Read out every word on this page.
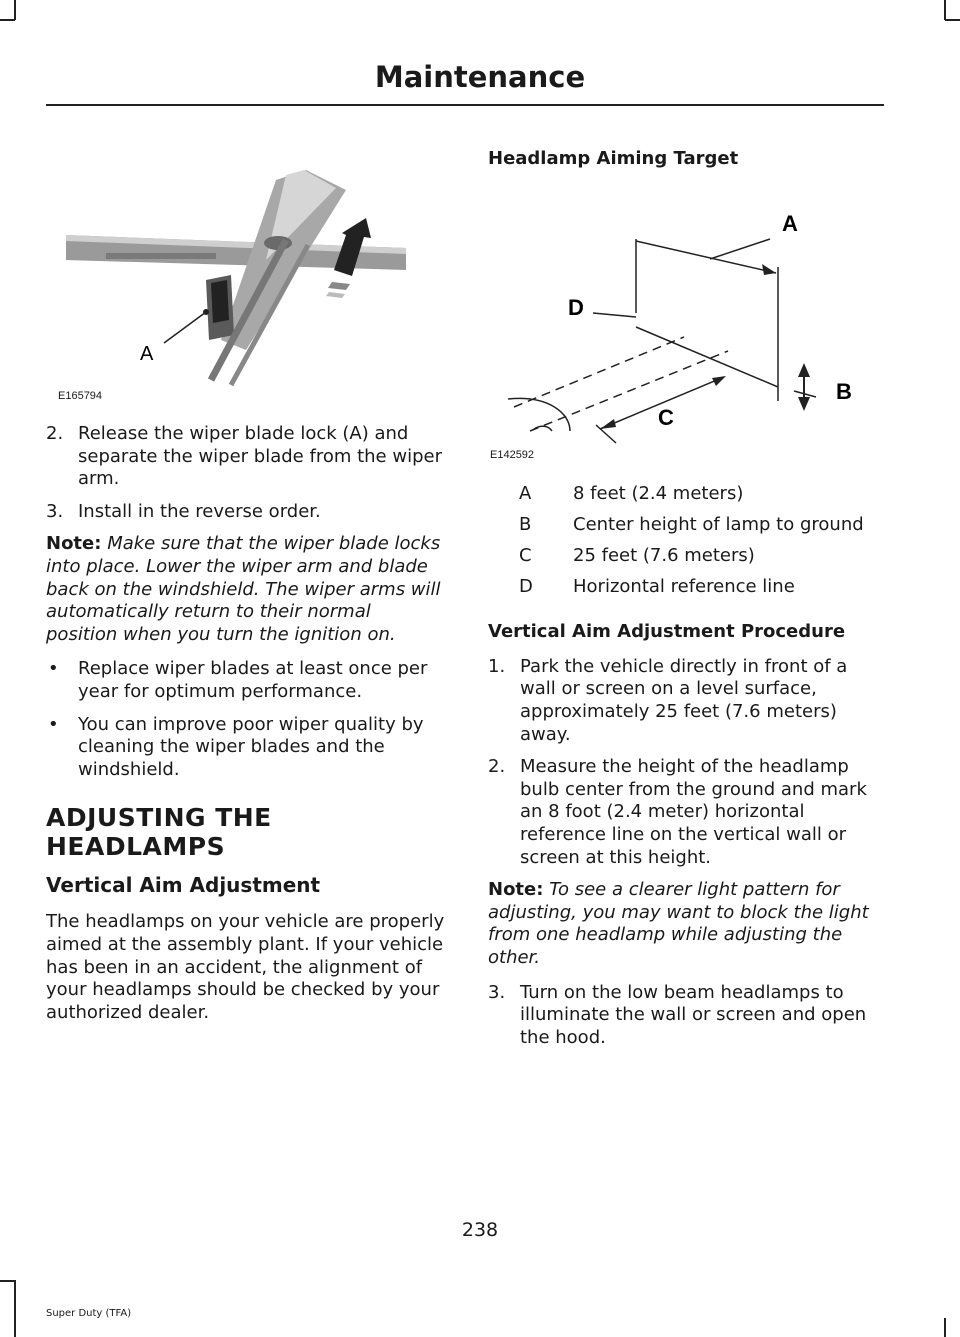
Maintenance
A
E165794
2. Release the wiper blade lock (A) and separate the wiper blade from the wiper arm.
3. Install in the reverse order.
Note: Make sure that the wiper blade locks into place. Lower the wiper arm and blade back on the windshield. The wiper arms will automatically return to their normal position when you turn the ignition on.
•	Replace wiper blades at least once per year for optimum performance.
•	You can improve poor wiper quality by cleaning the wiper blades and the windshield.
ADJUSTING THE HEADLAMPS
Vertical Aim Adjustment

The headlamps on your vehicle are properly aimed at the assembly plant. If your vehicle has been in an accident, the alignment of your headlamps should be checked by your authorized dealer.

Headlamp Aiming Target
A
B
C
D
E142592
A	8 feet (2.4 meters)
B	Center height of lamp to ground
C	25 feet (7.6 meters)
D	Horizontal reference line
Vertical Aim Adjustment Procedure
1. Park the vehicle directly in front of a wall or screen on a level surface, approximately 25 feet (7.6 meters) away.
2. Measure the height of the headlamp bulb center from the ground and mark an 8 foot (2.4 meter) horizontal reference line on the vertical wall or screen at this height.
Note: To see a clearer light pattern for adjusting, you may want to block the light from one headlamp while adjusting the other.
3. Turn on the low beam headlamps to illuminate the wall or screen and open the hood.
238
Super Duty (TFA)
